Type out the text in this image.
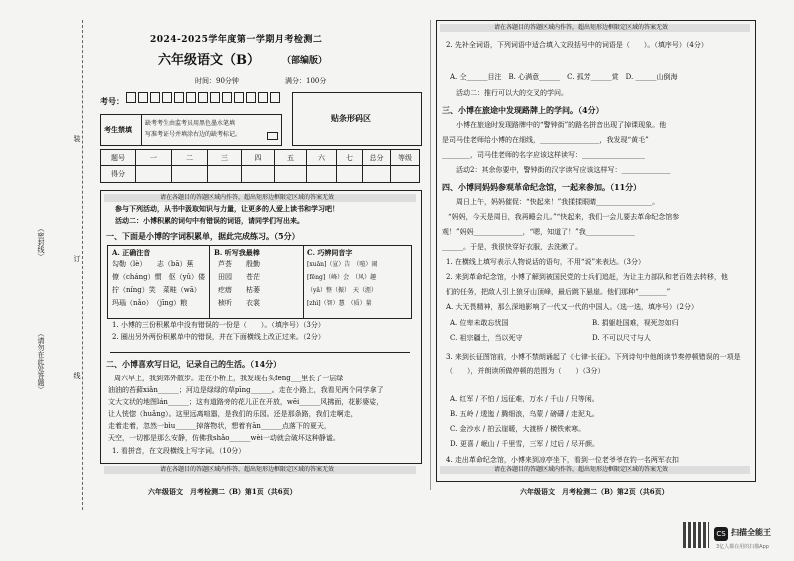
装
订
线
（密封线）
（请勿在此处答题）
2024-2025学年度第一学期月考检测二
六年级语文（B） （部编版）
时间：90分钟	满分：100分
考号：
贴条形码区
考生禁填
缺考考生由监考员用黑色墨水笔填
写准考证号并填涂右边的缺考标记。
题号	一	二	三	四	五	六	七	总分	等级
得分
请在各题目的答题区域内作答，超出矩形边框限定区域的答案无效
参与下列活动，从书中汲取知识与力量，让更多的人爱上读书和学习吧！
活动二：小博积累的词句中有错误的词语，请同学们写出来。
一、下面是小博的字词积累单，据此完成练习。（5分）
A. 正确注音
勾勒（lè）　　志（bā）蕉
僚（cháng）惯　伛（yǔ）偻
拧（níng）笑　菜畦（wā）
玛瑙（nǎo）　（jīng）粮
B. 听写我最棒
芦荟　　殷勤
田园　　苍茫
疙瘩　　枯萎
桢听　　衣裳
C. 巧辨同音字
[xuān]（宣）告　（喧）闹
[fēng]（峰）会　（风）趣
（yǎ）整（振）　天（涯）
[zhì]（智）慧　（质）量
1. 小博的三份积累单中没有错误的一份是（　　）。（填序号）（3分）
2. 圈出另外两份积累单中的错误，并在下面横线上改正过来。（2分）
二、小博喜欢写日记，记录自己的生活。（14分）
周六早上，我到郊外散步。走在小桥上，我发现石头fēng___里长了一层绿
油油的苔藓xiǎn______；河边是绿绿的草pīng______。走在小路上，我看见两个同学拿了
文大文状的地图lán______；这有道路旁的花儿正在开放，wēi______风拂面，花影婆娑，
让人恍惚（huǎng）。这里远离喧嚣，是我们的乐园。还是那条路，我们走啊走，
走着走着，忽然一bìu______掉落物状，想着有ān______点落下的夏天，
天空，一切都是那么安静，仿佛我shǎo______wèi一动就会破坏这种静谧。
1. 看拼音，在文段横线上写字词。（10分）
请在各题目的答题区域内作答，超出矩形边框限定区域的答案无效
六年级语文　月考检测二（B）第1页（共6页）
请在各题目的答题区域内作答，超出矩形边框限定区域的答案无效
2. 先补全词语，下列词语中适合填入文段括号中的词语是（　　）。（填序号）（4分）
A. 仝______目注　B. 心满意______　C. 孤芳______赏　D. ______山倒海
活动二：推行可以大的交叉的学问。
三、小博在旅途中发现路牌上的学问。（4分）
小博在旅途时发现路牌中的“警钟街”的路名拼音出现了掉课现象。他
是司马佳老师给小博的在细线，_________________，我发现“黄毛”
________，司马佳老师的名字应该这样读写：__________________
活动2：其余你要中，警钟街的汉字读写应该这样写：______________
四、小博同妈妈参观革命纪念馆，一起来参加。（11分）
周日上午，妈妈催促：“快起来！”我揉揉眼睛________________。
“妈妈，今天是周日，我再睡会儿。”“快起来，我们一会儿要去革命纪念馆参
观！”妈妈______________，“嗯，知道了！”我______________
______。于是，我很快穿好衣服，去洗漱了。
1. 在横线上填写表示人物说话的语句，不用“说”来表达。（3分）
2. 来到革命纪念馆，小博了解到被国民党的士兵们追赶，为让主力部队和老百姓去转移，他
们的任务，把敌人引上狼牙山顶峰，最后跳下悬崖。他们那种“________”
A. 大无畏精神，那么深地影响了一代又一代的中国人。（选一选，填序号）（2分）
A. 位卑未敢忘忧国	B. 捐躯赴国难，视死忽如归
C. 祖宗疆土，当以死守	D. 不可以尺寸与人
3. 来到长征图馆前，小博不禁朗诵起了《七律·长征》。下列诗句中他朗读节奏停顿错误的一项是（　　），并朗读所做停顿的范围为（　　）（3分）
A. 红军 / 不怕 / 远征难，万水 / 千山 / 只等闲。
B. 五岭 / 逶迤 / 腾细浪，乌蒙 / 磅礴 / 走泥丸。
C. 金沙水 / 拍云崖暖，大渡桥 / 横铁索寒。
D. 更喜 / 岷山 / 千里雪，三军 / 过后 / 尽开颜。
4. 走出革命纪念馆，小博来到凉亭坐下，看到一位老爷爷在钓一名两军衣扣
请在各题目的答题区域内作答，超出矩形边框限定区域的答案无效
六年级语文　月考检测二（B）第2页（共6页）
CS 扫描全能王
3亿人都在用的扫描App
